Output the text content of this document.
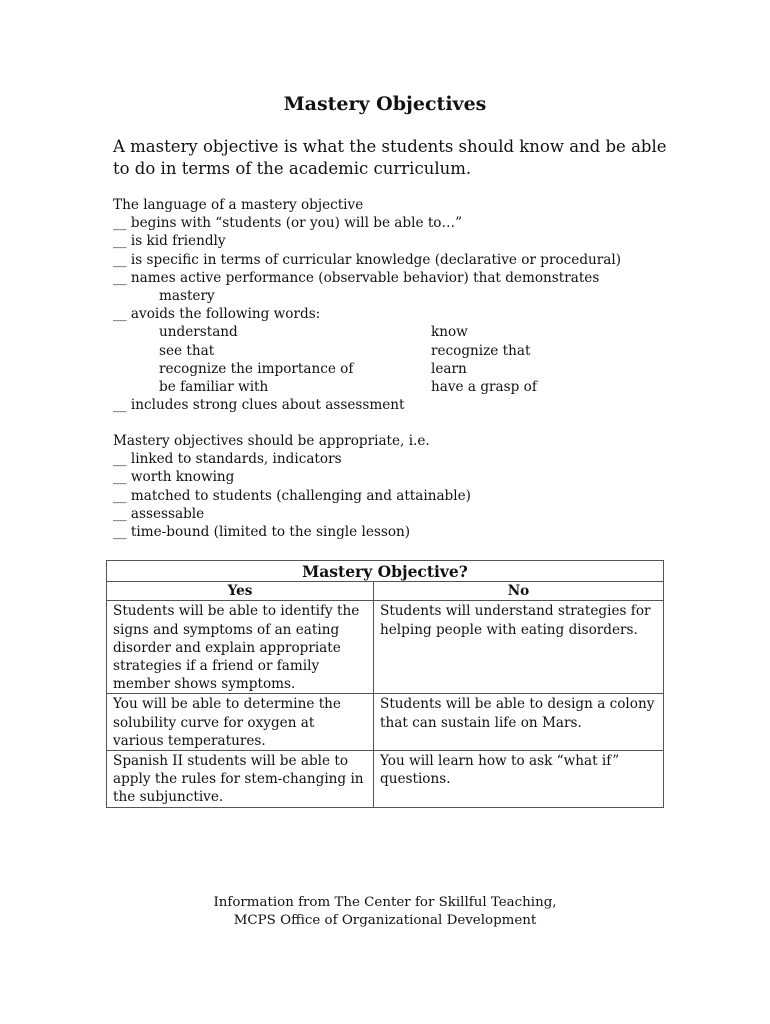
Mastery Objectives
A mastery objective is what the students should know and be able to do in terms of the academic curriculum.
The language of a mastery objective
__ begins with “students (or you) will be able to…”
__ is kid friendly
__ is specific in terms of curricular knowledge (declarative or procedural)
__ names active performance (observable behavior) that demonstrates
mastery
__ avoids the following words:
understand	know
see that	recognize that
recognize the importance of	learn
be familiar with	have a grasp of
__ includes strong clues about assessment
Mastery objectives should be appropriate, i.e.
__ linked to standards, indicators
__ worth knowing
__ matched to students (challenging and attainable)
__ assessable
__ time-bound (limited to the single lesson)
Mastery Objective?	
Yes	No
Students will be able to identify the signs and symptoms of an eating disorder and explain appropriate strategies if a friend or family member shows symptoms.	Students will understand strategies for helping people with eating disorders.
You will be able to determine the solubility curve for oxygen at various temperatures.	Students will be able to design a colony that can sustain life on Mars.
Spanish II students will be able to apply the rules for stem-changing in the subjunctive.	You will learn how to ask “what if” questions.
Information from The Center for Skillful Teaching,
MCPS Office of Organizational Development
